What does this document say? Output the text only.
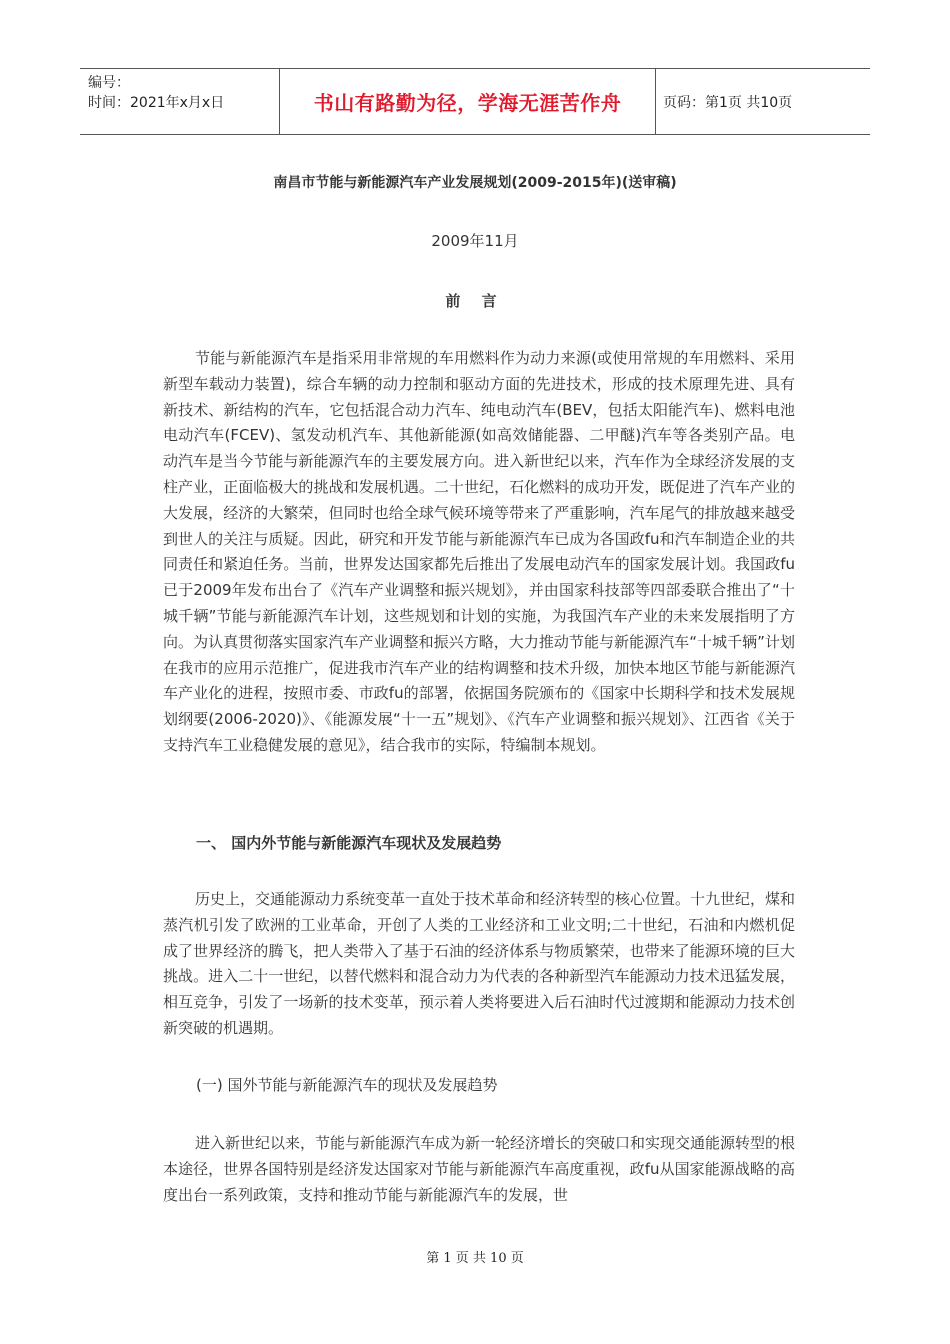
编号：
时间：2021年x月x日	书山有路勤为径，学海无涯苦作舟	页码：第1页 共10页
南昌市节能与新能源汽车产业发展规划(2009-2015年)(送审稿)
2009年11月
前 言

节能与新能源汽车是指采用非常规的车用燃料作为动力来源(或使用常规的车用燃料、采用新型车载动力装置)，综合车辆的动力控制和驱动方面的先进技术，形成的技术原理先进、具有新技术、新结构的汽车，它包括混合动力汽车、纯电动汽车(BEV，包括太阳能汽车)、燃料电池电动汽车(FCEV)、氢发动机汽车、其他新能源(如高效储能器、二甲醚)汽车等各类别产品。电动汽车是当今节能与新能源汽车的主要发展方向。进入新世纪以来，汽车作为全球经济发展的支柱产业，正面临极大的挑战和发展机遇。二十世纪，石化燃料的成功开发，既促进了汽车产业的大发展，经济的大繁荣，但同时也给全球气候环境等带来了严重影响，汽车尾气的排放越来越受到世人的关注与质疑。因此，研究和开发节能与新能源汽车已成为各国政fu和汽车制造企业的共同责任和紧迫任务。当前，世界发达国家都先后推出了发展电动汽车的国家发展计划。我国政fu已于2009年发布出台了《汽车产业调整和振兴规划》，并由国家科技部等四部委联合推出了“十城千辆”节能与新能源汽车计划，这些规划和计划的实施，为我国汽车产业的未来发展指明了方向。为认真贯彻落实国家汽车产业调整和振兴方略，大力推动节能与新能源汽车“十城千辆”计划在我市的应用示范推广，促进我市汽车产业的结构调整和技术升级，加快本地区节能与新能源汽车产业化的进程，按照市委、市政fu的部署，依据国务院颁布的《国家中长期科学和技术发展规划纲要(2006-2020)》、《能源发展“十一五”规划》、《汽车产业调整和振兴规划》、江西省《关于支持汽车工业稳健发展的意见》，结合我市的实际，特编制本规划。

一、 国内外节能与新能源汽车现状及发展趋势

历史上，交通能源动力系统变革一直处于技术革命和经济转型的核心位置。十九世纪，煤和蒸汽机引发了欧洲的工业革命，开创了人类的工业经济和工业文明;二十世纪，石油和内燃机促成了世界经济的腾飞，把人类带入了基于石油的经济体系与物质繁荣，也带来了能源环境的巨大挑战。进入二十一世纪，以替代燃料和混合动力为代表的各种新型汽车能源动力技术迅猛发展，相互竞争，引发了一场新的技术变革，预示着人类将要进入后石油时代过渡期和能源动力技术创新突破的机遇期。

(一) 国外节能与新能源汽车的现状及发展趋势

进入新世纪以来，节能与新能源汽车成为新一轮经济增长的突破口和实现交通能源转型的根本途径，世界各国特别是经济发达国家对节能与新能源汽车高度重视，政fu从国家能源战略的高度出台一系列政策，支持和推动节能与新能源汽车的发展，世

第 1 页 共 10 页
